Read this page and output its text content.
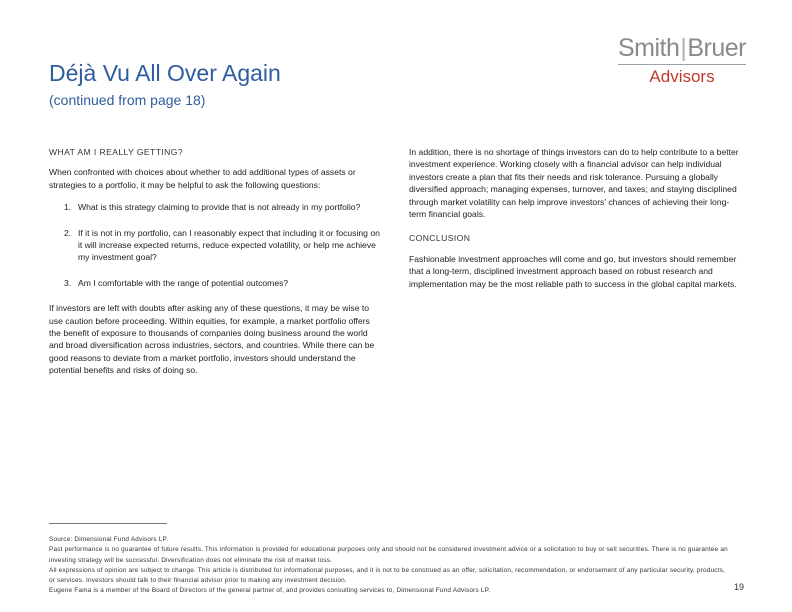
Déjà Vu All Over Again
(continued from page 18)
Smith|Bruer
Advisors
WHAT AM I REALLY GETTING?

When confronted with choices about whether to add additional types of assets or strategies to a portfolio, it may be helpful to ask the following questions:

1. What is this strategy claiming to provide that is not already in my portfolio?
2. If it is not in my portfolio, can I reasonably expect that including it or focusing on it will increase expected returns, reduce expected volatility, or help me achieve my investment goal?
3. Am I comfortable with the range of potential outcomes?

If investors are left with doubts after asking any of these questions, it may be wise to use caution before proceeding. Within equities, for example, a market portfolio offers the benefit of exposure to thousands of companies doing business around the world and broad diversification across industries, sectors, and countries. While there can be good reasons to deviate from a market portfolio, investors should understand the potential benefits and risks of doing so.

In addition, there is no shortage of things investors can do to help contribute to a better investment experience. Working closely with a financial advisor can help individual investors create a plan that fits their needs and risk tolerance. Pursuing a globally diversified approach; managing expenses, turnover, and taxes; and staying disciplined through market volatility can help improve investors' chances of achieving their long-term financial goals.

CONCLUSION

Fashionable investment approaches will come and go, but investors should remember that a long-term, disciplined investment approach based on robust research and implementation may be the most reliable path to success in the global capital markets.

Source: Dimensional Fund Advisors LP.
Past performance is no guarantee of future results. This information is provided for educational purposes only and should not be considered investment advice or a solicitation to buy or sell securities. There is no guarantee an investing strategy will be successful. Diversification does not eliminate the risk of market loss.
All expressions of opinion are subject to change. This article is distributed for informational purposes, and it is not to be construed as an offer, solicitation, recommendation, or endorsement of any particular security, products, or services. Investors should talk to their financial advisor prior to making any investment decision.
Eugene Fama is a member of the Board of Directors of the general partner of, and provides consulting services to, Dimensional Fund Advisors LP.	19
